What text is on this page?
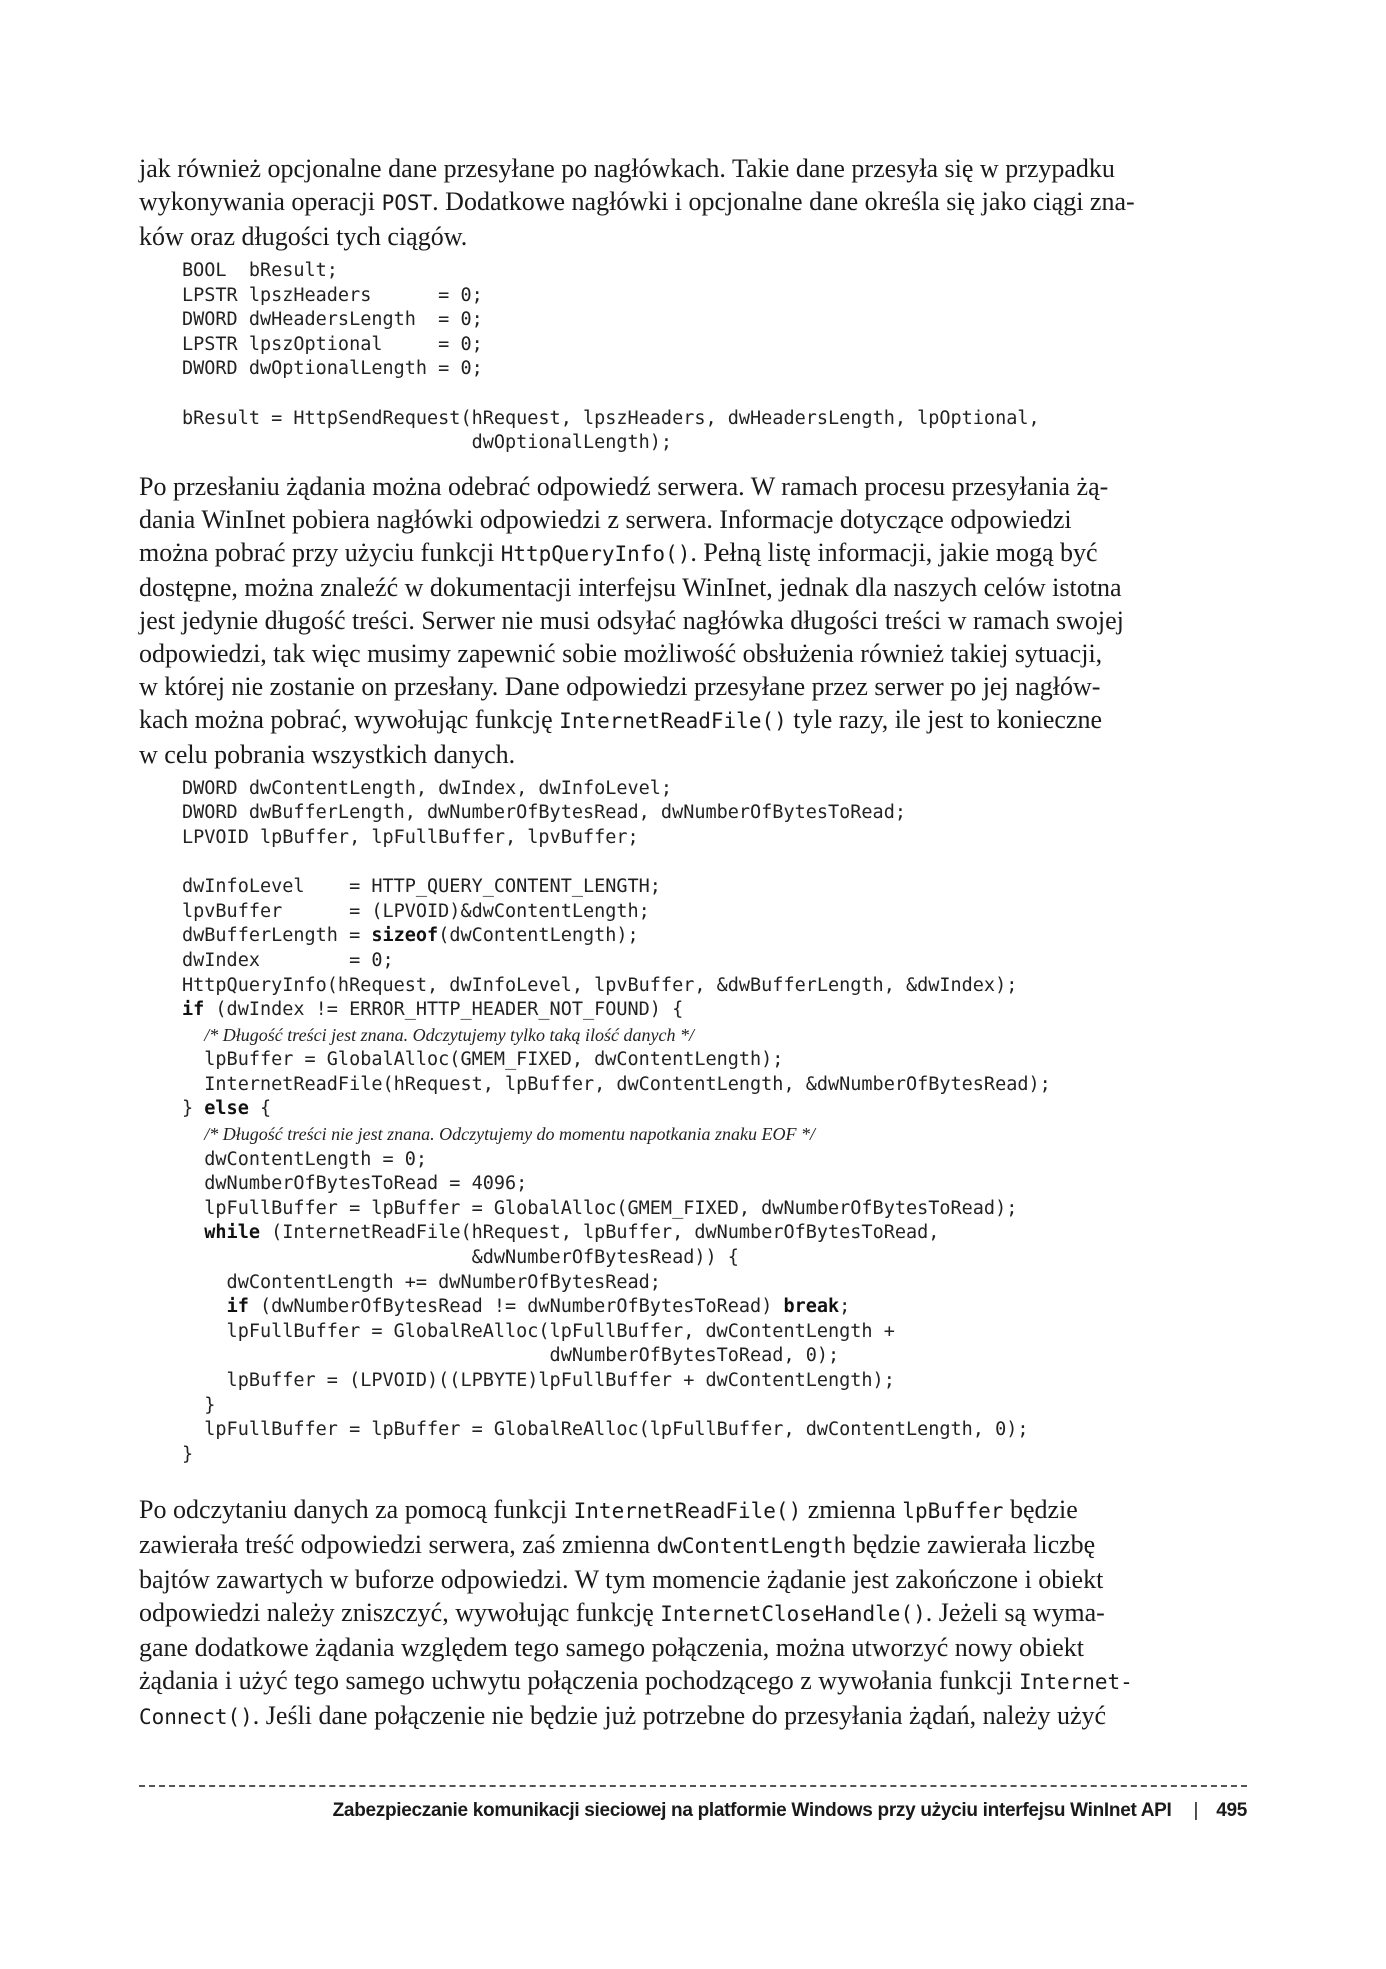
jak również opcjonalne dane przesyłane po nagłówkach. Takie dane przesyła się w przypadku
wykonywania operacji POST. Dodatkowe nagłówki i opcjonalne dane określa się jako ciągi zna-
ków oraz długości tych ciągów.

BOOL  bResult;
LPSTR lpszHeaders      = 0;
DWORD dwHeadersLength  = 0;
LPSTR lpszOptional     = 0;
DWORD dwOptionalLength = 0;

bResult = HttpSendRequest(hRequest, lpszHeaders, dwHeadersLength, lpOptional,
dwOptionalLength);

Po przesłaniu żądania można odebrać odpowiedź serwera. W ramach procesu przesyłania żą-
dania WinInet pobiera nagłówki odpowiedzi z serwera. Informacje dotyczące odpowiedzi
można pobrać przy użyciu funkcji HttpQueryInfo(). Pełną listę informacji, jakie mogą być
dostępne, można znaleźć w dokumentacji interfejsu WinInet, jednak dla naszych celów istotna
jest jedynie długość treści. Serwer nie musi odsyłać nagłówka długości treści w ramach swojej
odpowiedzi, tak więc musimy zapewnić sobie możliwość obsłużenia również takiej sytuacji,
w której nie zostanie on przesłany. Dane odpowiedzi przesyłane przez serwer po jej nagłów-
kach można pobrać, wywołując funkcję InternetReadFile() tyle razy, ile jest to konieczne
w celu pobrania wszystkich danych.

DWORD dwContentLength, dwIndex, dwInfoLevel;
DWORD dwBufferLength, dwNumberOfBytesRead, dwNumberOfBytesToRead;
LPVOID lpBuffer, lpFullBuffer, lpvBuffer;

dwInfoLevel    = HTTP_QUERY_CONTENT_LENGTH;
lpvBuffer      = (LPVOID)&dwContentLength;
dwBufferLength = sizeof(dwContentLength);
dwIndex        = 0;
HttpQueryInfo(hRequest, dwInfoLevel, lpvBuffer, &dwBufferLength, &dwIndex);
if (dwIndex != ERROR_HTTP_HEADER_NOT_FOUND) {
/* Długość treści jest znana. Odczytujemy tylko taką ilość danych */
lpBuffer = GlobalAlloc(GMEM_FIXED, dwContentLength);
InternetReadFile(hRequest, lpBuffer, dwContentLength, &dwNumberOfBytesRead);
} else {
/* Długość treści nie jest znana. Odczytujemy do momentu napotkania znaku EOF */
dwContentLength = 0;
dwNumberOfBytesToRead = 4096;
lpFullBuffer = lpBuffer = GlobalAlloc(GMEM_FIXED, dwNumberOfBytesToRead);
while (InternetReadFile(hRequest, lpBuffer, dwNumberOfBytesToRead,
&dwNumberOfBytesRead)) {
dwContentLength += dwNumberOfBytesRead;
if (dwNumberOfBytesRead != dwNumberOfBytesToRead) break;
lpFullBuffer = GlobalReAlloc(lpFullBuffer, dwContentLength +
dwNumberOfBytesToRead, 0);
lpBuffer = (LPVOID)((LPBYTE)lpFullBuffer + dwContentLength);
}
lpFullBuffer = lpBuffer = GlobalReAlloc(lpFullBuffer, dwContentLength, 0);
}

Po odczytaniu danych za pomocą funkcji InternetReadFile() zmienna lpBuffer będzie
zawierała treść odpowiedzi serwera, zaś zmienna dwContentLength będzie zawierała liczbę
bajtów zawartych w buforze odpowiedzi. W tym momencie żądanie jest zakończone i obiekt
odpowiedzi należy zniszczyć, wywołując funkcję InternetCloseHandle(). Jeżeli są wyma-
gane dodatkowe żądania względem tego samego połączenia, można utworzyć nowy obiekt
żądania i użyć tego samego uchwytu połączenia pochodzącego z wywołania funkcji Internet-
Connect(). Jeśli dane połączenie nie będzie już potrzebne do przesyłania żądań, należy użyć

Zabezpieczanie komunikacji sieciowej na platformie Windows przy użyciu interfejsu WinInet API | 495
